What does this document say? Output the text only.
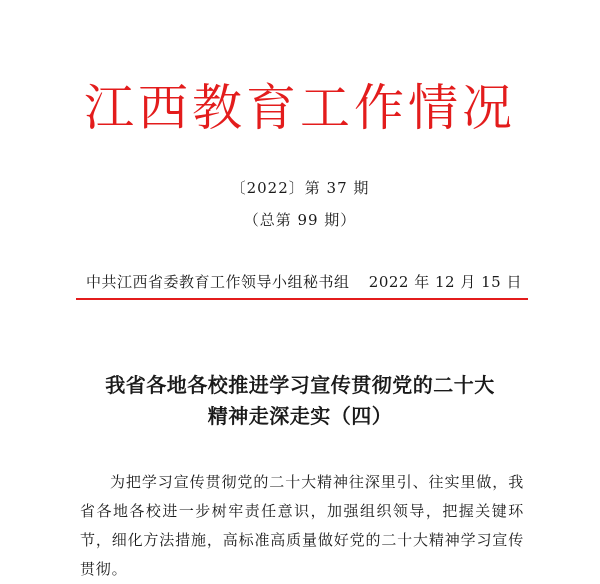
江西教育工作情况
〔2022〕第 37 期
（总第 99 期）
中共江西省委教育工作领导小组秘书组 2022 年 12 月 15 日
我省各地各校推进学习宣传贯彻党的二十大
精神走深走实（四）
为把学习宣传贯彻党的二十大精神往深里引、往实里做，我省各地各校进一步树牢责任意识，加强组织领导，把握关键环节，细化方法措施，高标准高质量做好党的二十大精神学习宣传贯彻。
